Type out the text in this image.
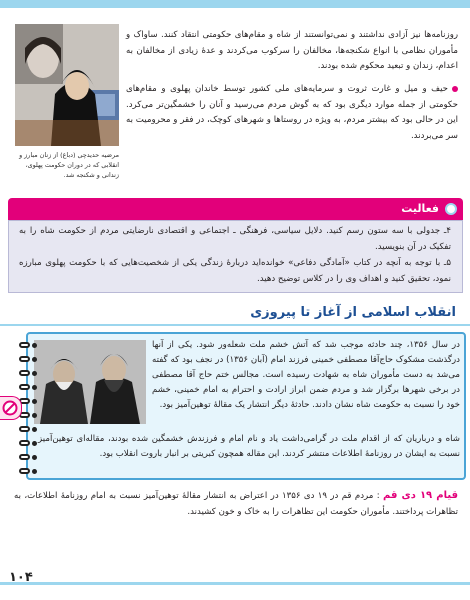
مرضیه حدیدچی (دباغ) از زنان مبارز و انقلابی که در دوران حکومت پهلوی، زندانی و شکنجه شد.
روزنامه‌ها نیز آزادی نداشتند و نمی‌توانستند از شاه و مقام‌های حکومتی انتقاد کنند. ساواک و مأموران نظامی با انواع شکنجه‌ها، مخالفان را سرکوب می‌کردند و عدهٔ زیادی از مخالفان به اعدام، زندان و تبعید محکوم شده بودند.
حیف و میل و غارت ثروت و سرمایه‌های ملی کشور توسط خاندان پهلوی و مقام‌های حکومتی از جمله موارد دیگری بود که به گوش مردم می‌رسید و آنان را خشمگین‌تر می‌کرد. این در حالی بود که بیشتر مردم، به ویژه در روستاها و شهرهای کوچک، در فقر و محرومیت به سر می‌بردند.
فعالیت
۴ـ جدولی با سه ستون رسم کنید. دلایل سیاسی، فرهنگی ـ اجتماعی و اقتصادی نارضایتی مردم از حکومت شاه را به تفکیک در آن بنویسید.
۵ـ با توجه به آنچه در کتاب «آمادگی دفاعی» خوانده‌اید دربارهٔ زندگی یکی از شخصیت‌هایی که با حکومت پهلوی مبارزه نمود، تحقیق کنید و اهداف وی را در کلاس توضیح دهید.
انقلاب اسلامی از آغاز تا پیروزی
در سال ۱۳۵۶، چند حادثه موجب شد که آتش خشم ملت شعله‌ور شود. یکی از آنها درگذشت مشکوک حاج‌آقا مصطفی خمینی فرزند امام (آبان ۱۳۵۶) در نجف بود که گفته می‌شد به دست مأموران شاه به شهادت رسیده است. مجالس ختم حاج آقا مصطفی در برخی شهرها برگزار شد و مردم ضمن ابراز ارادت و احترام به امام خمینی، خشم خود را نسبت به حکومت شاه نشان دادند. حادثهٔ دیگر انتشار یک مقالهٔ توهین‌آمیز بود.
شاه و درباریان که از اقدام ملت در گرامی‌داشت یاد و نام امام و فرزندش خشمگین شده بودند، مقاله‌ای توهین‌آمیز نسبت به ایشان در روزنامهٔ اطلاعات منتشر کردند. این مقاله همچون کبریتی بر انبار باروت انقلاب بود.
قیام ۱۹ دی قم : مردم قم در ۱۹ دی ۱۳۵۶ در اعتراض به انتشار مقالهٔ توهین‌آمیز نسبت به امام روزنامهٔ اطلاعات، به تظاهرات پرداختند. مأموران حکومت این تظاهرات را به خاک و خون کشیدند.
۱۰۴
